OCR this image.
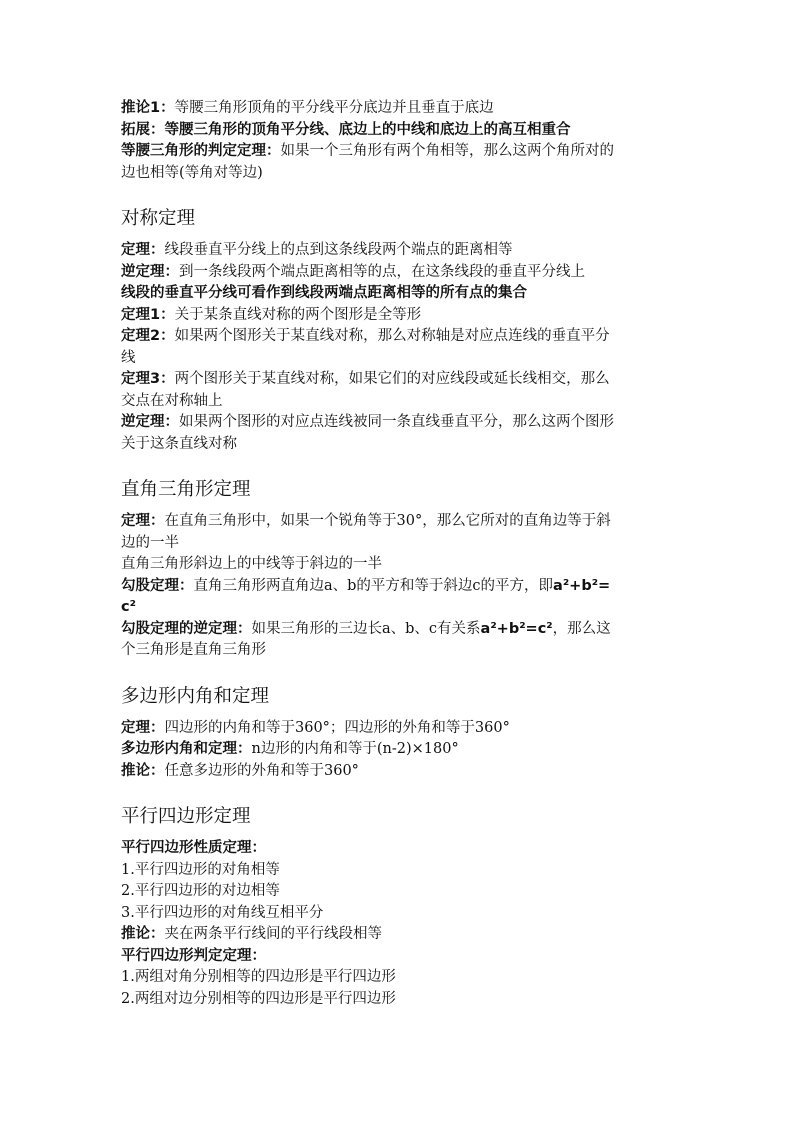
推论1：等腰三角形顶角的平分线平分底边并且垂直于底边

拓展：等腰三角形的顶角平分线、底边上的中线和底边上的高互相重合

等腰三角形的判定定理：如果一个三角形有两个角相等，那么这两个角所对的

边也相等(等角对等边)

对称定理

定理：线段垂直平分线上的点到这条线段两个端点的距离相等

逆定理：到一条线段两个端点距离相等的点，在这条线段的垂直平分线上

线段的垂直平分线可看作到线段两端点距离相等的所有点的集合

定理1：关于某条直线对称的两个图形是全等形

定理2：如果两个图形关于某直线对称，那么对称轴是对应点连线的垂直平分

线

定理3：两个图形关于某直线对称，如果它们的对应线段或延长线相交，那么

交点在对称轴上

逆定理：如果两个图形的对应点连线被同一条直线垂直平分，那么这两个图形

关于这条直线对称

直角三角形定理

定理：在直角三角形中，如果一个锐角等于30°，那么它所对的直角边等于斜

边的一半

直角三角形斜边上的中线等于斜边的一半

勾股定理：直角三角形两直角边a、b的平方和等于斜边c的平方，即a²+b²=

c²

勾股定理的逆定理：如果三角形的三边长a、b、c有关系a²+b²=c²，那么这

个三角形是直角三角形

多边形内角和定理

定理：四边形的内角和等于360°；四边形的外角和等于360°

多边形内角和定理：n边形的内角和等于(n-2)×180°

推论：任意多边形的外角和等于360°

平行四边形定理

平行四边形性质定理：

1.平行四边形的对角相等

2.平行四边形的对边相等

3.平行四边形的对角线互相平分

推论：夹在两条平行线间的平行线段相等

平行四边形判定定理：

1.两组对角分别相等的四边形是平行四边形

2.两组对边分别相等的四边形是平行四边形
